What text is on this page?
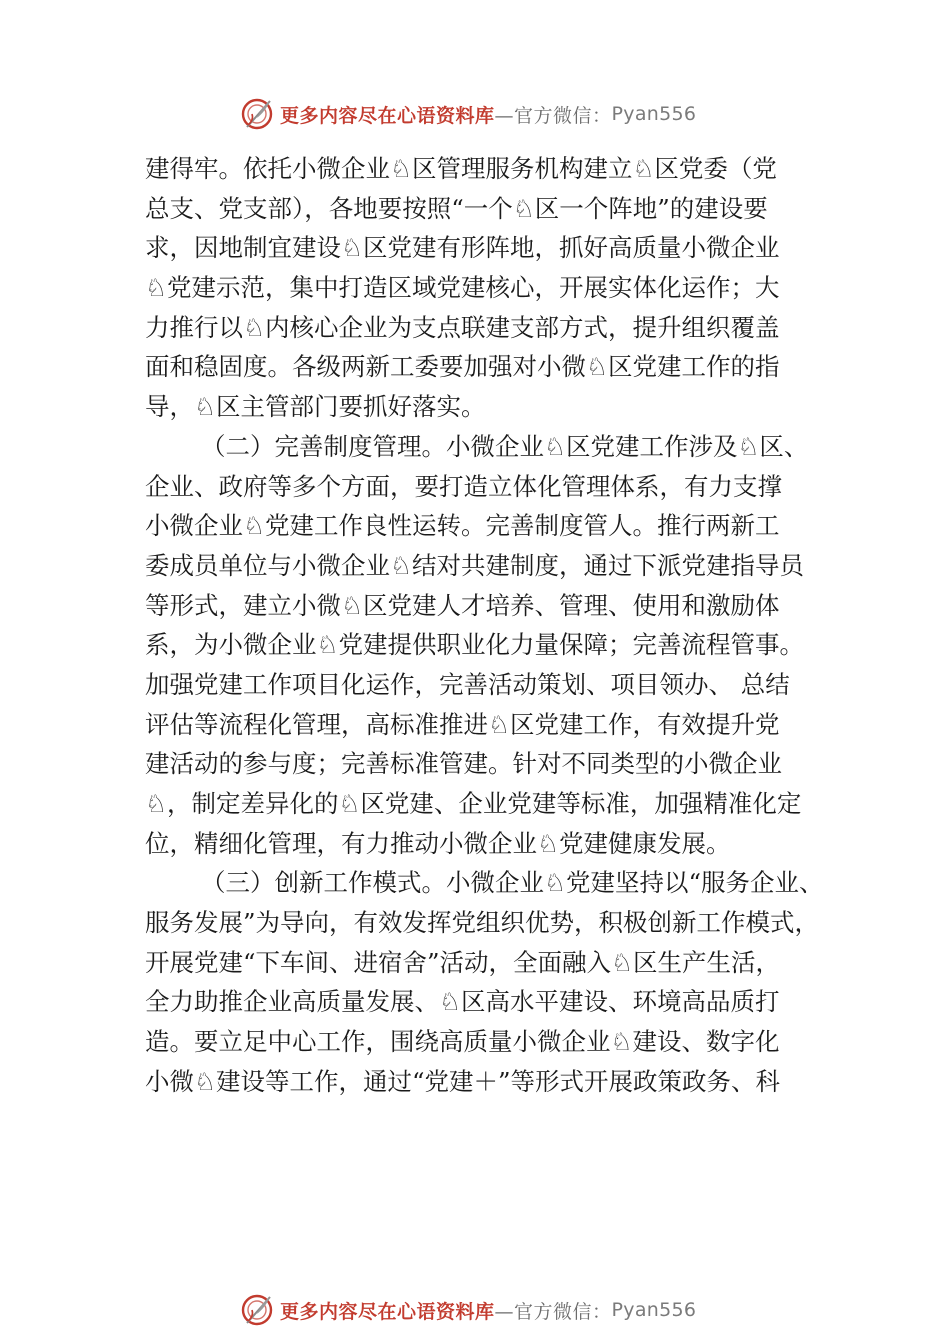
更多内容尽在心语资料库 —官方微信： Pyan556
建得牢。依托小微企业♘区管理服务机构建立♘区党委（党
总支、党支部），各地要按照“一个♘区一个阵地”的建设要
求，因地制宜建设♘区党建有形阵地，抓好高质量小微企业
♘党建示范，集中打造区域党建核心，开展实体化运作；大
力推行以♘内核心企业为支点联建支部方式，提升组织覆盖
面和稳固度。各级两新工委要加强对小微♘区党建工作的指
导，♘区主管部门要抓好落实。
（二）完善制度管理。小微企业♘区党建工作涉及♘区、
企业、政府等多个方面，要打造立体化管理体系，有力支撑
小微企业♘党建工作良性运转。完善制度管人。推行两新工
委成员单位与小微企业♘结对共建制度，通过下派党建指导员
等形式，建立小微♘区党建人才培养、管理、使用和激励体
系，为小微企业♘党建提供职业化力量保障；完善流程管事。
加强党建工作项目化运作，完善活动策划、项目领办、 总结
评估等流程化管理，高标准推进♘区党建工作，有效提升党
建活动的参与度；完善标准管建。针对不同类型的小微企业
♘，制定差异化的♘区党建、企业党建等标准，加强精准化定
位，精细化管理，有力推动小微企业♘党建健康发展。
（三）创新工作模式。小微企业♘党建坚持以“服务企业、
服务发展”为导向，有效发挥党组织优势，积极创新工作模式，
开展党建“下车间、进宿舍”活动，全面融入♘区生产生活，
全力助推企业高质量发展、♘区高水平建设、环境高品质打
造。要立足中心工作，围绕高质量小微企业♘建设、数字化
小微♘建设等工作，通过“党建＋”等形式开展政策政务、科
更多内容尽在心语资料库 —官方微信： Pyan556
